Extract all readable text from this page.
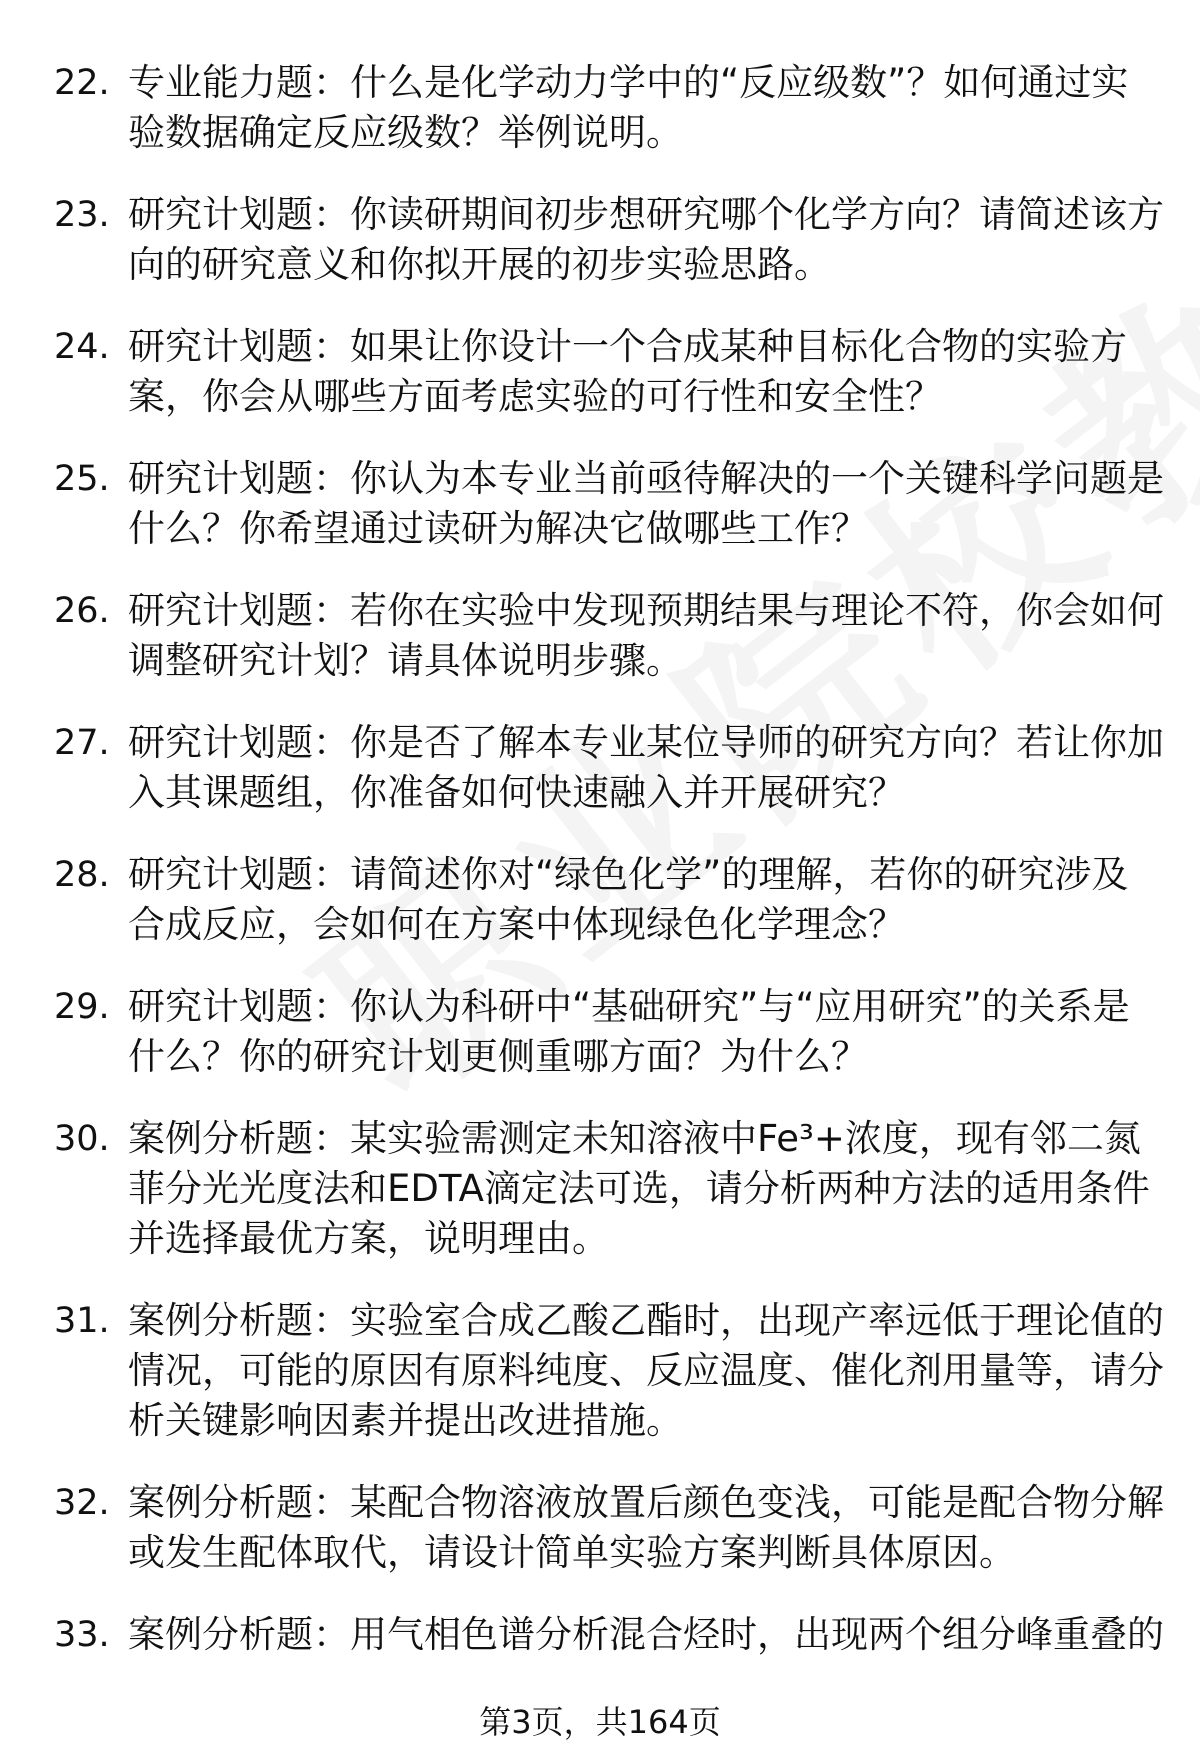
22. 专业能力题：什么是化学动力学中的“反应级数”？如何通过实验数据确定反应级数？举例说明。
23. 研究计划题：你读研期间初步想研究哪个化学方向？请简述该方向的研究意义和你拟开展的初步实验思路。
24. 研究计划题：如果让你设计一个合成某种目标化合物的实验方案，你会从哪些方面考虑实验的可行性和安全性？
25. 研究计划题：你认为本专业当前亟待解决的一个关键科学问题是什么？你希望通过读研为解决它做哪些工作？
26. 研究计划题：若你在实验中发现预期结果与理论不符，你会如何调整研究计划？请具体说明步骤。
27. 研究计划题：你是否了解本专业某位导师的研究方向？若让你加入其课题组，你准备如何快速融入并开展研究？
28. 研究计划题：请简述你对“绿色化学”的理解，若你的研究涉及合成反应，会如何在方案中体现绿色化学理念？
29. 研究计划题：你认为科研中“基础研究”与“应用研究”的关系是什么？你的研究计划更侧重哪方面？为什么？
30. 案例分析题：某实验需测定未知溶液中Fe³+浓度，现有邻二氮菲分光光度法和EDTA滴定法可选，请分析两种方法的适用条件并选择最优方案，说明理由。
31. 案例分析题：实验室合成乙酸乙酯时，出现产率远低于理论值的情况，可能的原因有原料纯度、反应温度、催化剂用量等，请分析关键影响因素并提出改进措施。
32. 案例分析题：某配合物溶液放置后颜色变浅，可能是配合物分解或发生配体取代，请设计简单实验方案判断具体原因。
33. 案例分析题：用气相色谱分析混合烃时，出现两个组分峰重叠的
第3页，共164页
